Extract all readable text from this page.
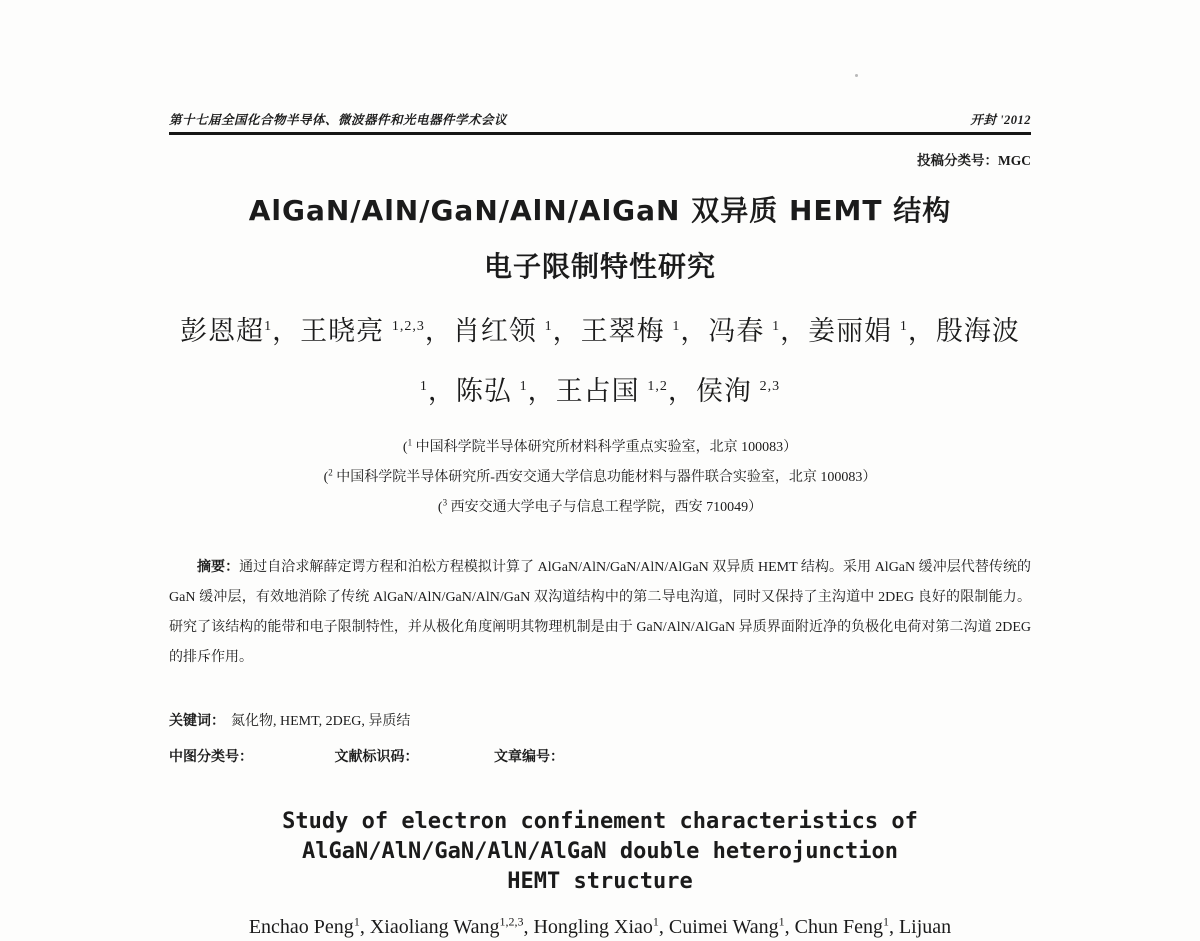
第十七届全国化合物半导体、微波器件和光电器件学术会议	开封 '2012
投稿分类号：MGC
AlGaN/AlN/GaN/AlN/AlGaN 双异质 HEMT 结构
电子限制特性研究
彭恩超$^1$，王晓亮 $^{1,2,3}$，肖红领 $^1$，王翠梅 $^1$，冯春 $^1$，姜丽娟 $^1$，殷海波
$^1$，陈弘 $^1$，王占国 $^{1,2}$，侯洵 $^{2,3}$
($^1$ 中国科学院半导体研究所材料科学重点实验室，北京 100083）
($^2$ 中国科学院半导体研究所-西安交通大学信息功能材料与器件联合实验室，北京 100083）
($^3$ 西安交通大学电子与信息工程学院，西安 710049）
摘要：通过自洽求解薛定谔方程和泊松方程模拟计算了 AlGaN/AlN/GaN/AlN/AlGaN 双异质 HEMT 结构。采用 AlGaN 缓冲层代替传统的 GaN 缓冲层，有效地消除了传统 AlGaN/AlN/GaN/AlN/GaN 双沟道结构中的第二导电沟道，同时又保持了主沟道中 2DEG 良好的限制能力。研究了该结构的能带和电子限制特性，并从极化角度阐明其物理机制是由于 GaN/AlN/AlGaN 异质界面附近净的负极化电荷对第二沟道 2DEG 的排斥作用。
关键词： 氮化物, HEMT, 2DEG, 异质结
中图分类号：	文献标识码：	文章编号：
Study of electron confinement characteristics of
AlGaN/AlN/GaN/AlN/AlGaN double heterojunction
HEMT structure
Enchao Peng$^1$, Xiaoliang Wang$^{1,2,3}$, Hongling Xiao$^1$, Cuimei Wang$^1$, Chun Feng$^1$, Lijuan
